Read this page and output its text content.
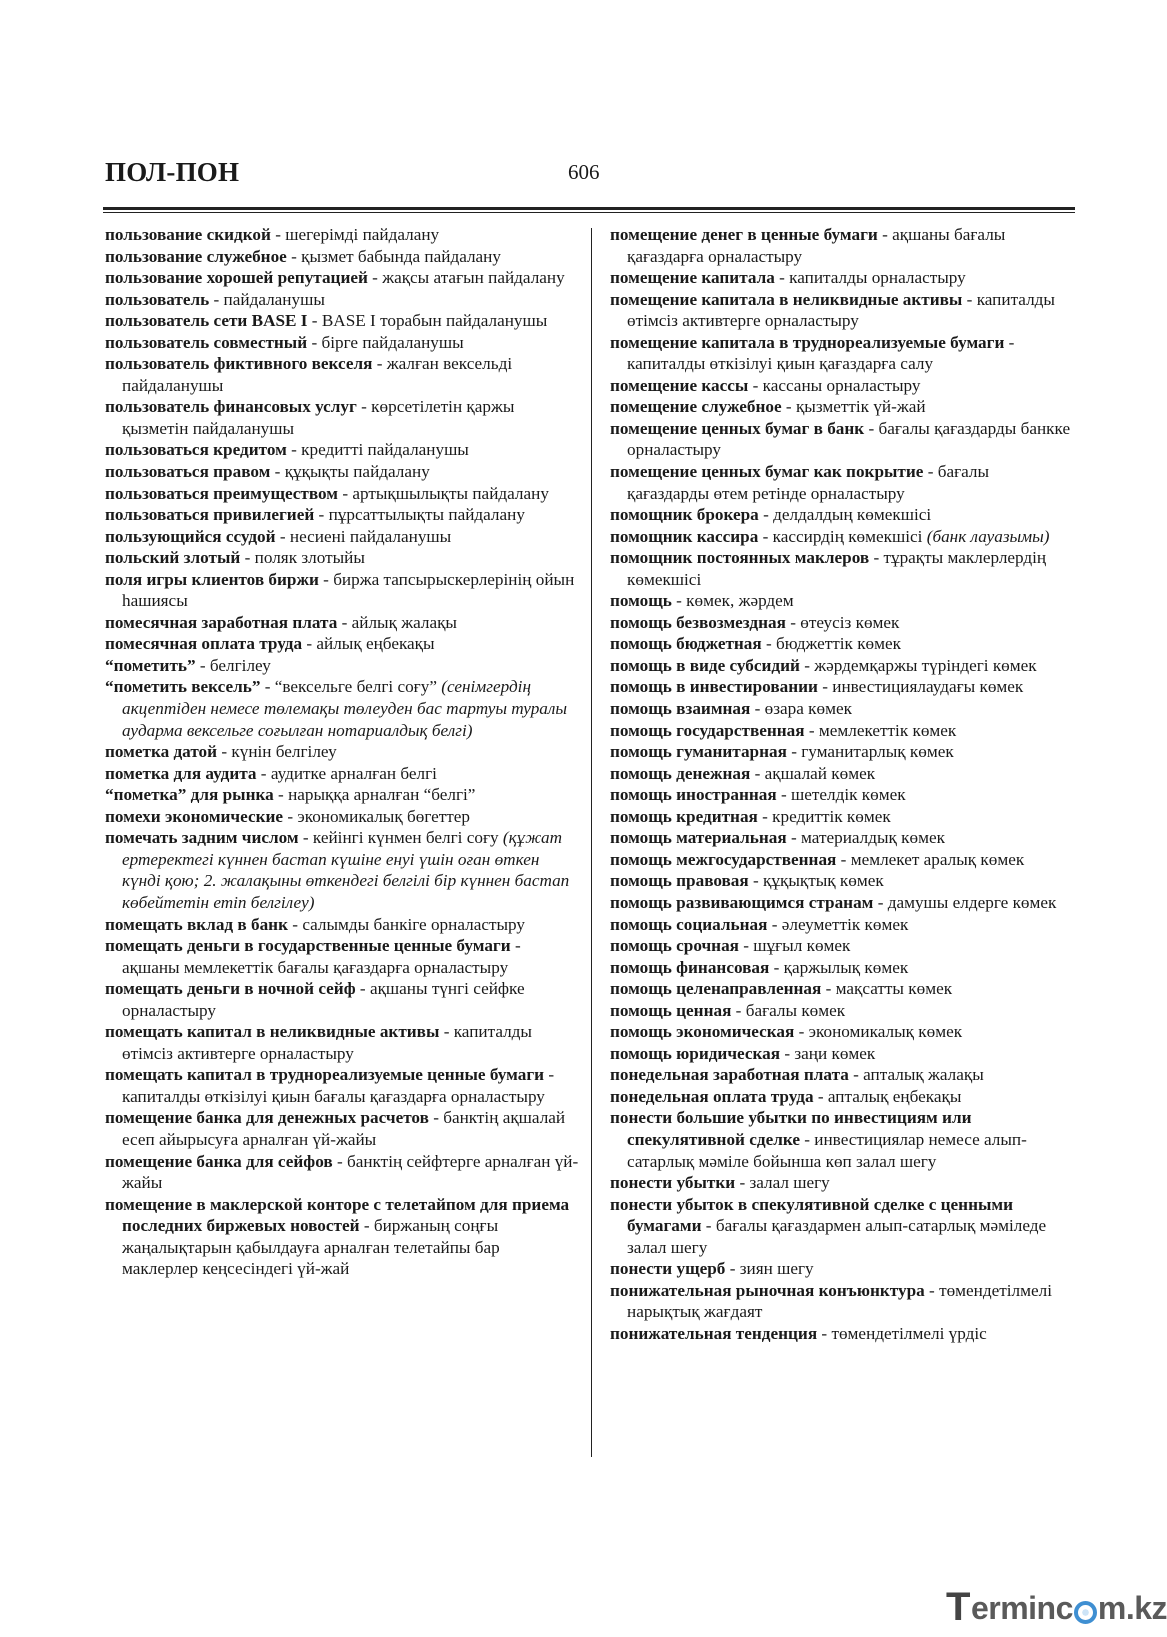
ПОЛ-ПОН	606
пользование скидкой - шегерімді пайдалану
пользование служебное - қызмет бабында пайдалану
пользование хорошей репутацией - жақсы атағын пайдалану
пользователь - пайдаланушы
пользователь сети BASE I - BASE I торабын пайдаланушы
пользователь совместный - бірге пайдаланушы
пользователь фиктивного векселя - жалған вексельді пайдаланушы
пользователь финансовых услуг - көрсетілетін қаржы қызметін пайдаланушы
пользоваться кредитом - кредитті пайдаланушы
пользоваться правом - құқықты пайдалану
пользоваться преимуществом - артықшылықты пайдалану
пользоваться привилегией - пұрсаттылықты пайдалану
пользующийся ссудой - несиені пайдаланушы
польский злотый - поляк злотыйы
поля игры клиентов биржи - биржа тапсырыскерлерінің ойын һашиясы
помесячная заработная плата - айлық жалақы
помесячная оплата труда - айлық еңбекақы
“пометить” - белгілеу
“пометить вексель” - “вексельге белгі соғу” (сенімгердің акцептіден немесе төлемақы төлеуден бас тартуы туралы аударма вексельге соғылған нотариалдық белгі)
пометка датой - күнін белгілеу
пометка для аудита - аудитке арналған белгі
“пометка” для рынка - нарыққа арналған “белгі”
помехи экономические - экономикалық бөгеттер
помечать задним числом - кейінгі күнмен белгі соғу (құжат ертеректегі күннен бастап күшіне енуі үшін оған өткен күнді қою; 2. жалақыны өткендегі белгілі бір күннен бастап көбейтетін етіп белгілеу)
помещать вклад в банк - салымды банкіге орналастыру
помещать деньги в государственные ценные бумаги - ақшаны мемлекеттік бағалы қағаздарға орналастыру
помещать деньги в ночной сейф - ақшаны түнгі сейфке орналастыру
помещать капитал в неликвидные активы - капиталды өтімсіз активтерге орналастыру
помещать капитал в труднореализуемые ценные бумаги - капиталды өткізілуі қиын бағалы қағаздарға орналастыру
помещение банка для денежных расчетов - банктің ақшалай есеп айырысуға арналған үй-жайы
помещение банка для сейфов - банктің сейфтерге арналған үй-жайы
помещение в маклерской конторе с телетайпом для приема последних биржевых новостей - биржаның соңғы жаңалықтарын қабылдауға арналған телетайпы бар маклерлер кеңсесіндегі үй-жай
помещение денег в ценные бумаги - ақшаны бағалы қағаздарға орналастыру
помещение капитала - капиталды орналастыру
помещение капитала в неликвидные активы - капиталды өтімсіз активтерге орналастыру
помещение капитала в труднореализуемые бумаги - капиталды өткізілуі қиын қағаздарға салу
помещение кассы - кассаны орналастыру
помещение служебное - қызметтік үй-жай
помещение ценных бумаг в банк - бағалы қағаздарды банкке орналастыру
помещение ценных бумаг как покрытие - бағалы қағаздарды өтем ретінде орналастыру
помощник брокера - делдалдың көмекшісі
помощник кассира - кассирдің көмекшісі (банк лауазымы)
помощник постоянных маклеров - тұрақты маклерлердің көмекшісі
помощь - көмек, жәрдем
помощь безвозмездная - өтеусіз көмек
помощь бюджетная - бюджеттік көмек
помощь в виде субсидий - жәрдемқаржы түріндегі көмек
помощь в инвестировании - инвестициялаудағы көмек
помощь взаимная - өзара көмек
помощь государственная - мемлекеттік көмек
помощь гуманитарная - гуманитарлық көмек
помощь денежная - ақшалай көмек
помощь иностранная - шетелдік көмек
помощь кредитная - кредиттік көмек
помощь материальная - материалдық көмек
помощь межгосударственная - мемлекет аралық көмек
помощь правовая - құқықтық көмек
помощь развивающимся странам - дамушы елдерге көмек
помощь социальная - әлеуметтік көмек
помощь срочная - шұғыл көмек
помощь финансовая - қаржылық көмек
помощь целенаправленная - мақсатты көмек
помощь ценная - бағалы көмек
помощь экономическая - экономикалық көмек
помощь юридическая - заңи көмек
понедельная заработная плата - апталық жалақы
понедельная оплата труда - апталық еңбекақы
понести большие убытки по инвестициям или спекулятивной сделке - инвестициялар немесе алып-сатарлық мәміле бойынша көп залал шегу
понести убытки - залал шегу
понести убыток в спекулятивной сделке с ценными бумагами - бағалы қағаздармен алып-сатарлық мәміледе залал шегу
понести ущерб - зиян шегу
понижательная рыночная конъюнктура - төмендетілмелі нарықтық жағдаят
понижательная тенденция - төмендетілмелі үрдіс
T erminc m.kz
